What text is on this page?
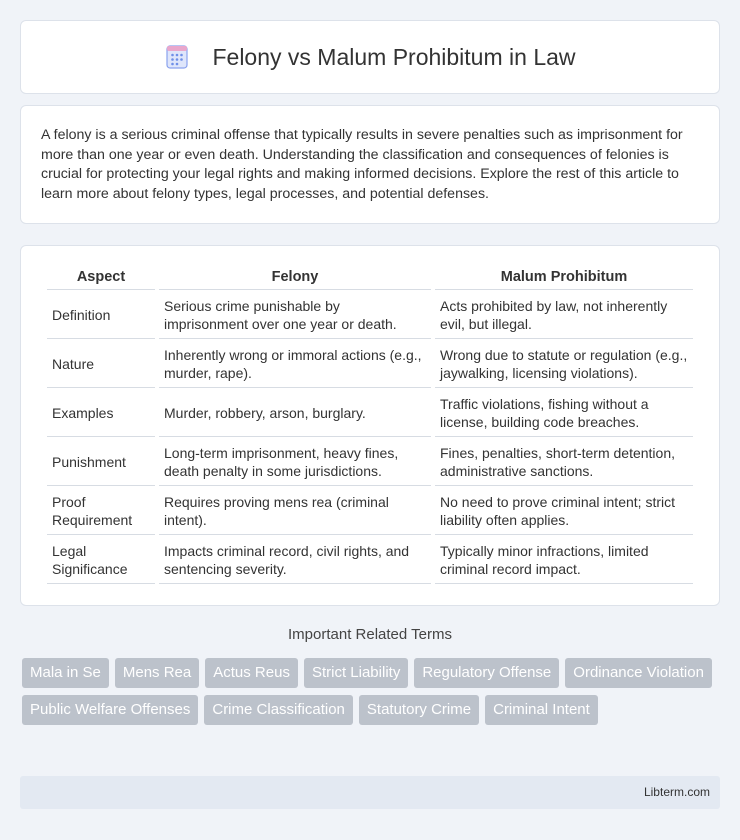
Felony vs Malum Prohibitum in Law

A felony is a serious criminal offense that typically results in severe penalties such as imprisonment for more than one year or even death. Understanding the classification and consequences of felonies is crucial for protecting your legal rights and making informed decisions. Explore the rest of this article to learn more about felony types, legal processes, and potential defenses.

Aspect	Felony	Malum Prohibitum
Definition	Serious crime punishable by imprisonment over one year or death.	Acts prohibited by law, not inherently evil, but illegal.
Nature	Inherently wrong or immoral actions (e.g., murder, rape).	Wrong due to statute or regulation (e.g., jaywalking, licensing violations).
Examples	Murder, robbery, arson, burglary.	Traffic violations, fishing without a license, building code breaches.
Punishment	Long-term imprisonment, heavy fines, death penalty in some jurisdictions.	Fines, penalties, short-term detention, administrative sanctions.
Proof Requirement	Requires proving mens rea (criminal intent).	No need to prove criminal intent; strict liability often applies.
Legal Significance	Impacts criminal record, civil rights, and sentencing severity.	Typically minor infractions, limited criminal record impact.
Important Related Terms
Mala in Se	Mens Rea	Actus Reus	Strict Liability	Regulatory Offense	Ordinance Violation
Public Welfare Offenses	Crime Classification	Statutory Crime	Criminal Intent
Libterm.com
